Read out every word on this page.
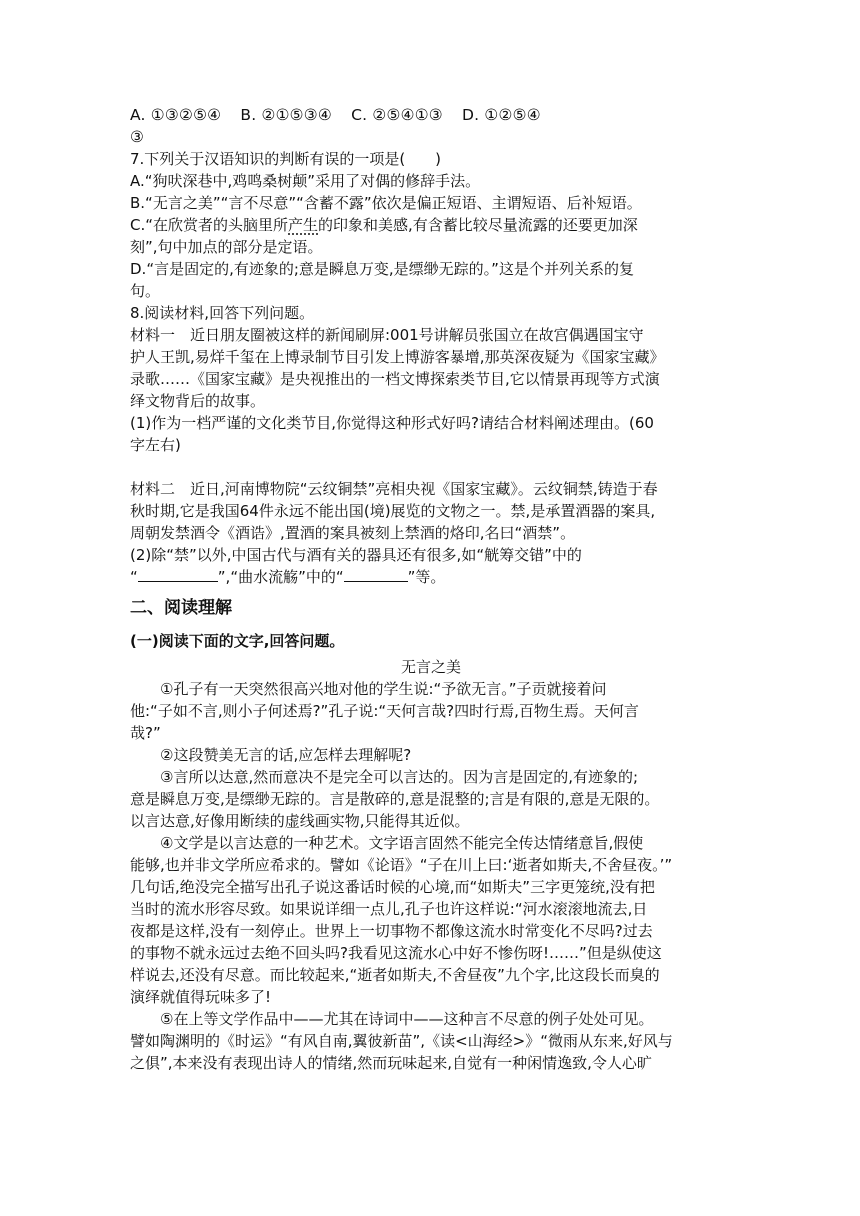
A. ①③②⑤④ B. ②①⑤③④ C. ②⑤④①③ D. ①②⑤④
③
7.下列关于汉语知识的判断有误的一项是(　　)
A.“狗吠深巷中,鸡鸣桑树颠”采用了对偶的修辞手法。
B.“无言之美”“言不尽意”“含蓄不露”依次是偏正短语、主谓短语、后补短语。
C.“在欣赏者的头脑里所产生的印象和美感,有含蓄比较尽量流露的还要更加深
刻”,句中加点的部分是定语。
D.“言是固定的,有迹象的;意是瞬息万变,是缥缈无踪的。”这是个并列关系的复
句。
8.阅读材料,回答下列问题。
材料一　近日朋友圈被这样的新闻刷屏:001号讲解员张国立在故宫偶遇国宝守
护人王凯,易烊千玺在上博录制节目引发上博游客暴增,那英深夜疑为《国家宝藏》
录歌……《国家宝藏》是央视推出的一档文博探索类节目,它以情景再现等方式演
绎文物背后的故事。
(1)作为一档严谨的文化类节目,你觉得这种形式好吗?请结合材料阐述理由。(60
字左右)
材料二　近日,河南博物院“云纹铜禁”亮相央视《国家宝藏》。云纹铜禁,铸造于春
秋时期,它是我国64件永远不能出国(境)展览的文物之一。禁,是承置酒器的案具,
周朝发禁酒令《酒诰》,置酒的案具被刻上禁酒的烙印,名曰“酒禁”。
(2)除“禁”以外,中国古代与酒有关的器具还有很多,如“觥筹交错”中的
“	”,“曲水流觞”中的“	”等。
二、阅读理解
(一)阅读下面的文字,回答问题。
无言之美
①孔子有一天突然很高兴地对他的学生说:“予欲无言。”子贡就接着问
他:“子如不言,则小子何述焉?”孔子说:“天何言哉?四时行焉,百物生焉。天何言
哉?”
②这段赞美无言的话,应怎样去理解呢?
③言所以达意,然而意决不是完全可以言达的。因为言是固定的,有迹象的;
意是瞬息万变,是缥缈无踪的。言是散碎的,意是混整的;言是有限的,意是无限的。
以言达意,好像用断续的虚线画实物,只能得其近似。
④文学是以言达意的一种艺术。文字语言固然不能完全传达情绪意旨,假使
能够,也并非文学所应希求的。譬如《论语》“子在川上曰:‘逝者如斯夫,不舍昼夜。’”
几句话,绝没完全描写出孔子说这番话时候的心境,而“如斯夫”三字更笼统,没有把
当时的流水形容尽致。如果说详细一点儿,孔子也许这样说:“河水滚滚地流去,日
夜都是这样,没有一刻停止。世界上一切事物不都像这流水时常变化不尽吗?过去
的事物不就永远过去绝不回头吗?我看见这流水心中好不惨伤呀!……”但是纵使这
样说去,还没有尽意。而比较起来,“逝者如斯夫,不舍昼夜”九个字,比这段长而臭的
演绎就值得玩味多了!
⑤在上等文学作品中——尤其在诗词中——这种言不尽意的例子处处可见。
譬如陶渊明的《时运》“有风自南,翼彼新苗”,《读<山海经>》“微雨从东来,好风与
之俱”,本来没有表现出诗人的情绪,然而玩味起来,自觉有一种闲情逸致,令人心旷
